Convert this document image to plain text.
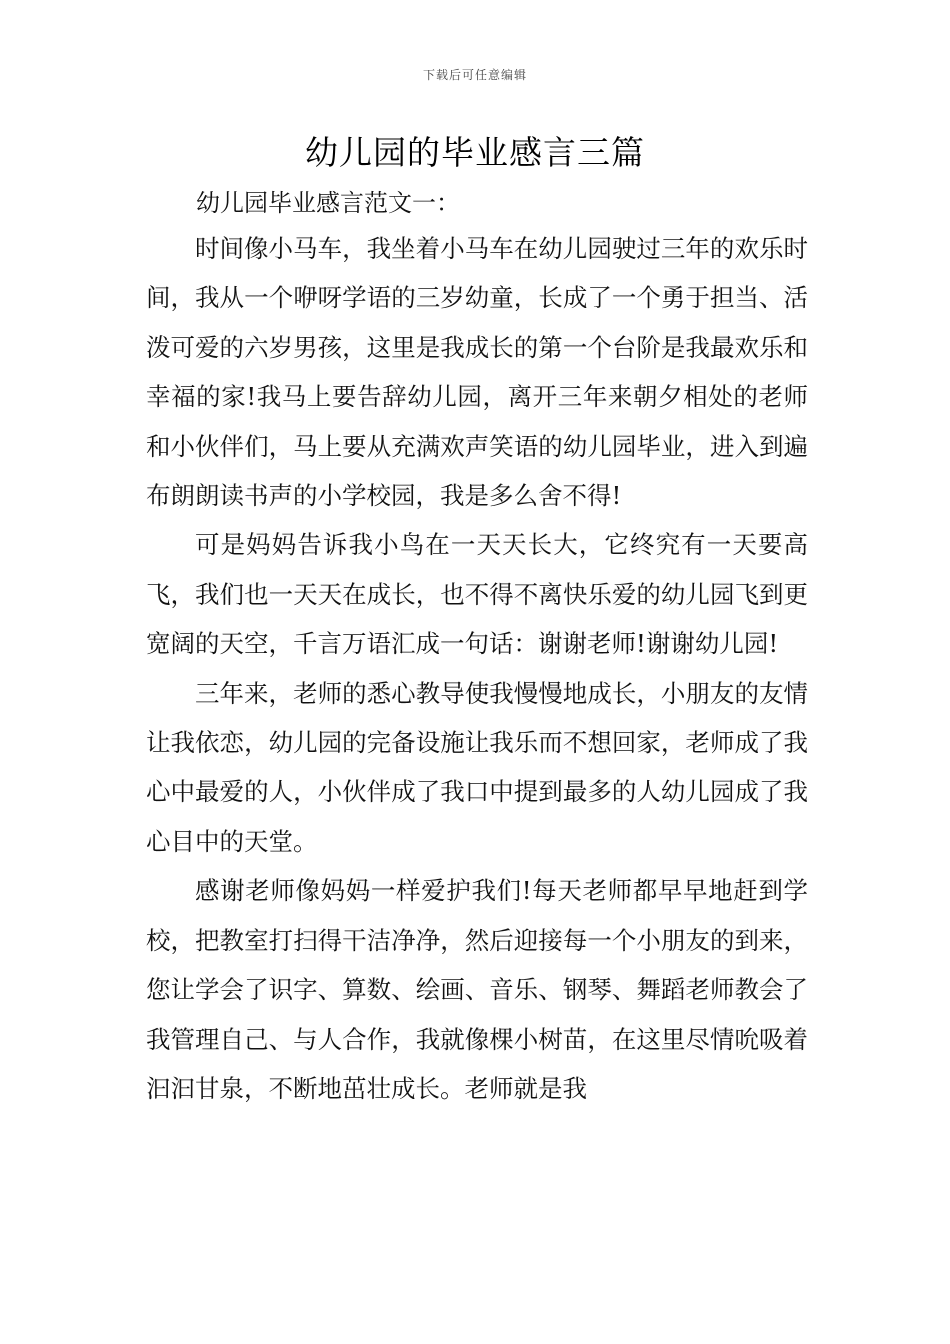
下载后可任意编辑
幼儿园的毕业感言三篇
幼儿园毕业感言范文一：

时间像小马车，我坐着小马车在幼儿园驶过三年的欢乐时间，我从一个咿呀学语的三岁幼童，长成了一个勇于担当、活泼可爱的六岁男孩，这里是我成长的第一个台阶是我最欢乐和幸福的家!我马上要告辞幼儿园，离开三年来朝夕相处的老师和小伙伴们，马上要从充满欢声笑语的幼儿园毕业，进入到遍布朗朗读书声的小学校园，我是多么舍不得!

可是妈妈告诉我小鸟在一天天长大，它终究有一天要高飞，我们也一天天在成长，也不得不离快乐爱的幼儿园飞到更宽阔的天空，千言万语汇成一句话：谢谢老师!谢谢幼儿园!

三年来，老师的悉心教导使我慢慢地成长，小朋友的友情让我依恋，幼儿园的完备设施让我乐而不想回家，老师成了我心中最爱的人，小伙伴成了我口中提到最多的人幼儿园成了我心目中的天堂。

感谢老师像妈妈一样爱护我们!每天老师都早早地赶到学校，把教室打扫得干洁净净，然后迎接每一个小朋友的到来，您让学会了识字、算数、绘画、音乐、钢琴、舞蹈老师教会了我管理自己、与人合作，我就像棵小树苗，在这里尽情吮吸着汩汩甘泉，不断地茁壮成长。老师就是我
